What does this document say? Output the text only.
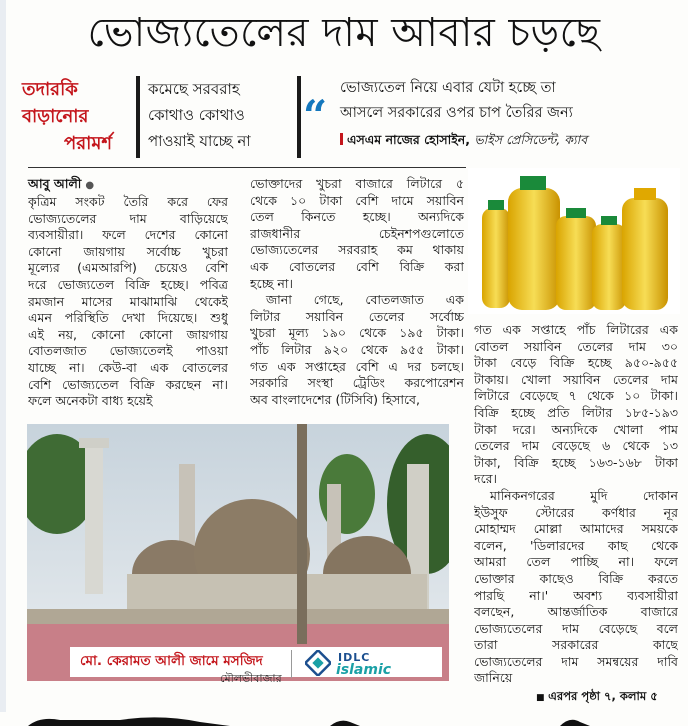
ভোজ্যতেলের দাম আবার চড়ছে
তদারকি
বাড়ানোর
পরামর্শ
কমেছে সরবরাহ
কোথাও কোথাও
পাওয়াই যাচ্ছে না
“
ভোজ্যতেল নিয়ে এবার যেটা হচ্ছে তা
আসলে সরকারের ওপর চাপ তৈরির জন্য
এসএম নাজের হোসাইন, ভাইস প্রেসিডেন্ট, ক্যাব
আবু আলী ●
কৃত্রিম সংকট তৈরি করে ফের
ভোজ্যতেলের দাম বাড়িয়েছে
ব্যবসায়ীরা। ফলে দেশের কোনো
কোনো জায়গায় সর্বোচ্চ খুচরা
মূল্যের (এমআরপি) চেয়েও বেশি
দরে ভোজ্যতেল বিক্রি হচ্ছে। পবিত্র
রমজান মাসের মাঝামাঝি থেকেই
এমন পরিস্থিতি দেখা দিয়েছে। শুধু
এই নয়, কোনো কোনো জায়গায়
বোতলজাত ভোজ্যতেলই পাওয়া
যাচ্ছে না। কেউ-বা এক বোতলের
বেশি ভোজ্যতেল বিক্রি করছেন না।
ফলে অনেকটা বাধ্য হয়েই
ভোক্তাদের খুচরা বাজারে লিটারে ৫
থেকে ১০ টাকা বেশি দামে সয়াবিন
তেল কিনতে হচ্ছে। অন্যদিকে
রাজধানীর চেইনশপগুলোতে
ভোজ্যতেলের সরবরাহ কম থাকায়
এক বোতলের বেশি বিক্রি করা
হচ্ছে না।
জানা গেছে, বোতলজাত এক
লিটার সয়াবিন তেলের সর্বোচ্চ
খুচরা মূল্য ১৯০ থেকে ১৯৫ টাকা।
পাঁচ লিটার ৯২০ থেকে ৯৫৫ টাকা।
গত এক সপ্তাহের বেশি এ দর চলছে।
সরকারি সংস্থা ট্রেডিং করপোরেশন
অব বাংলাদেশের (টিসিবি) হিসাবে,
গত এক সপ্তাহে পাঁচ লিটারের এক
বোতল সয়াবিন তেলের দাম ৩০
টাকা বেড়ে বিক্রি হচ্ছে ৯৫০-৯৫৫
টাকায়। খোলা সয়াবিন তেলের দাম
লিটারে বেড়েছে ৭ থেকে ১০ টাকা।
বিক্রি হচ্ছে প্রতি লিটার ১৮৫-১৯৩
টাকা দরে। অন্যদিকে খোলা পাম
তেলের দাম বেড়েছে ৬ থেকে ১৩
টাকা, বিক্রি হচ্ছে ১৬৩-১৬৮ টাকা
দরে।
মানিকনগরের মুদি দোকান
ইউসুফ স্টোরের কর্ণধার নূর
মোহাম্মদ মোল্লা আমাদের সময়কে
বলেন, 'ডিলারদের কাছ থেকে
আমরা তেল পাচ্ছি না। ফলে
ভোক্তার কাছেও বিক্রি করতে
পারছি না।' অবশ্য ব্যবসায়ীরা
বলছেন, আন্তর্জাতিক বাজারে
ভোজ্যতেলের দাম বেড়েছে বলে
তারা সরকারের কাছে
ভোজ্যতেলের দাম সমন্বয়ের দাবি
জানিয়ে
■ এরপর পৃষ্ঠা ৭, কলাম ৫
মো. কেরামত আলী জামে মসজিদ
মৌলভীবাজার
IDLC
islamic
